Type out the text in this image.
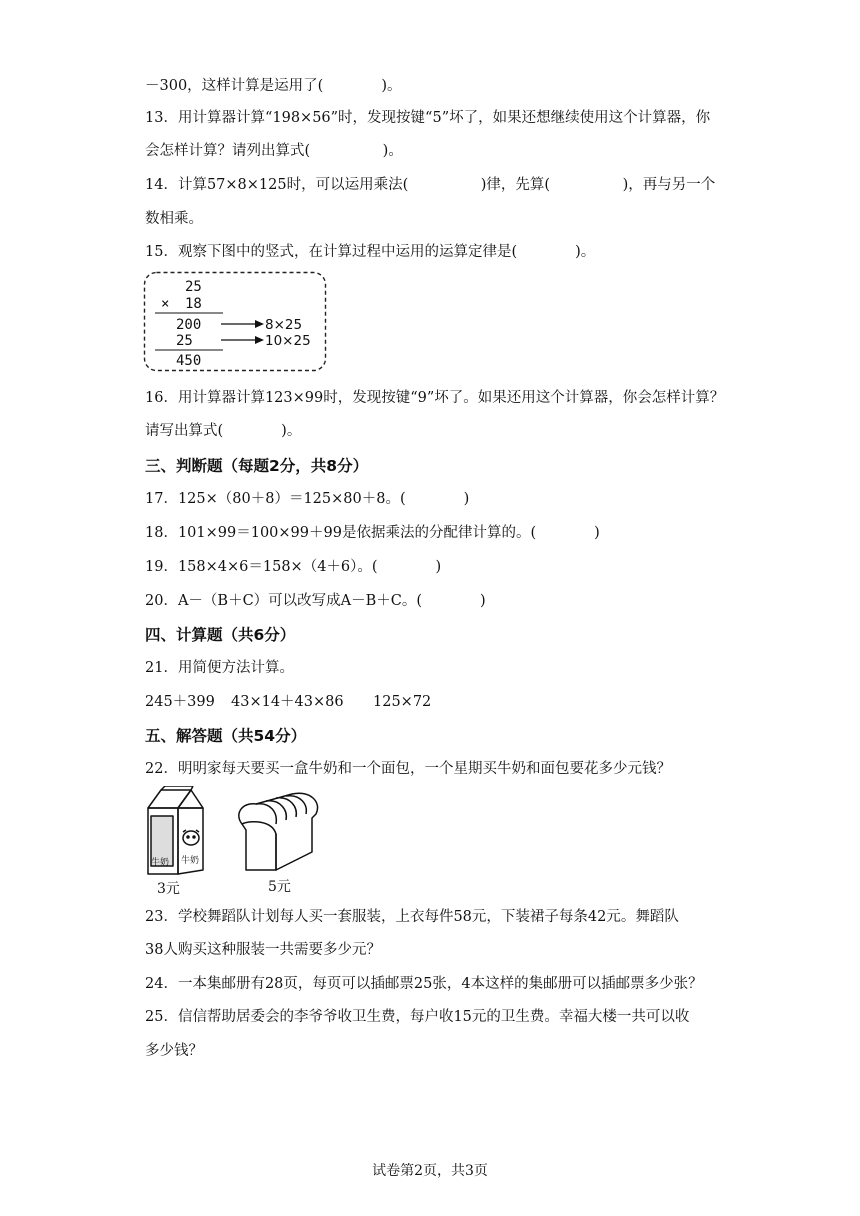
－300，这样计算是运用了(　　　　)。
13．用计算器计算“198×56”时，发现按键“5”坏了，如果还想继续使用这个计算器，你
会怎样计算？请列出算式(　　　　　)。
14．计算57×8×125时，可以运用乘法(　　　　　)律，先算(　　　　　)，再与另一个
数相乘。
15．观察下图中的竖式，在计算过程中运用的运算定律是(　　　　)。
25
× 18
200
25
450
8×25
10×25
16．用计算器计算123×99时，发现按键“9”坏了。如果还用这个计算器，你会怎样计算？
请写出算式(　　　　)。
三、判断题（每题2分，共8分）
17．125×（80＋8）＝125×80＋8。(　　　　)
18．101×99＝100×99＋99是依据乘法的分配律计算的。(　　　　)
19．158×4×6＝158×（4＋6）。(　　　　)
20．A－（B＋C）可以改写成A－B＋C。(　　　　)
四、计算题（共6分）
21．用简便方法计算。
245＋399 43×14＋43×86 125×72
五、解答题（共54分）
22．明明家每天要买一盒牛奶和一个面包，一个星期买牛奶和面包要花多少元钱？
牛奶 牛奶
3元	5元
23．学校舞蹈队计划每人买一套服装，上衣每件58元，下装裙子每条42元。舞蹈队
38人购买这种服装一共需要多少元？
24．一本集邮册有28页，每页可以插邮票25张，4本这样的集邮册可以插邮票多少张？
25．信信帮助居委会的李爷爷收卫生费，每户收15元的卫生费。幸福大楼一共可以收
多少钱？
试卷第2页，共3页
